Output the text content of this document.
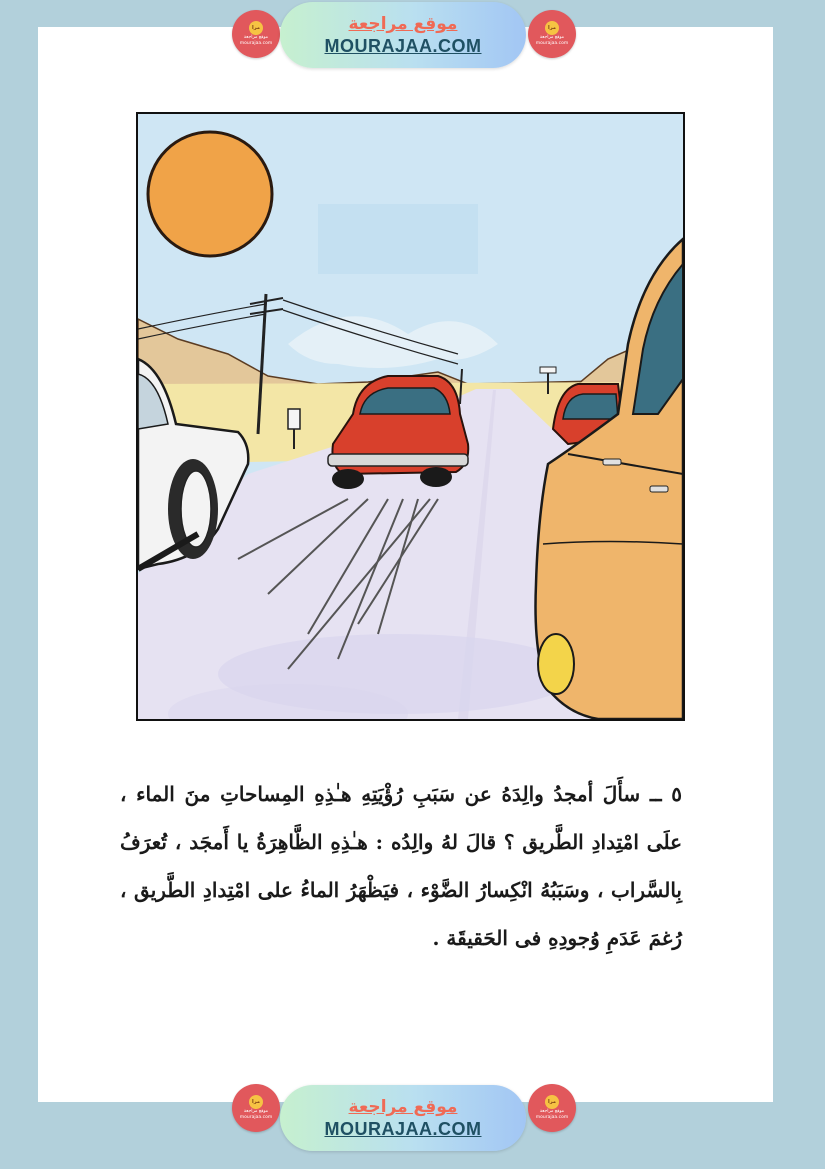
مرا
موقع مراجعة
mourajaa.com
موقع مراجعة
MOURAJAA.COM
مرا
موقع مراجعة
mourajaa.com

٥ ــ سأَلَ أمجدُ والِدَهُ عن سَبَبِ رُؤْيَتِهِ هـٰذِهِ المِساحاتِ منَ الماء ، علَى امْتِدادِ الطَّريق ؟ قالَ لهُ والِدُه : هـٰذِهِ الظَّاهِرَةُ يا أَمجَد ، تُعرَفُ بِالسَّراب ، وسَبَبُهُ انْكِسارُ الضَّوْء ، فيَظْهَرُ الماءُ على امْتِدادِ الطَّريق ، رُغمَ عَدَمِ وُجودِهِ فى الحَقيقَة .

مرا
موقع مراجعة
mourajaa.com
موقع مراجعة
MOURAJAA.COM
مرا
موقع مراجعة
mourajaa.com
